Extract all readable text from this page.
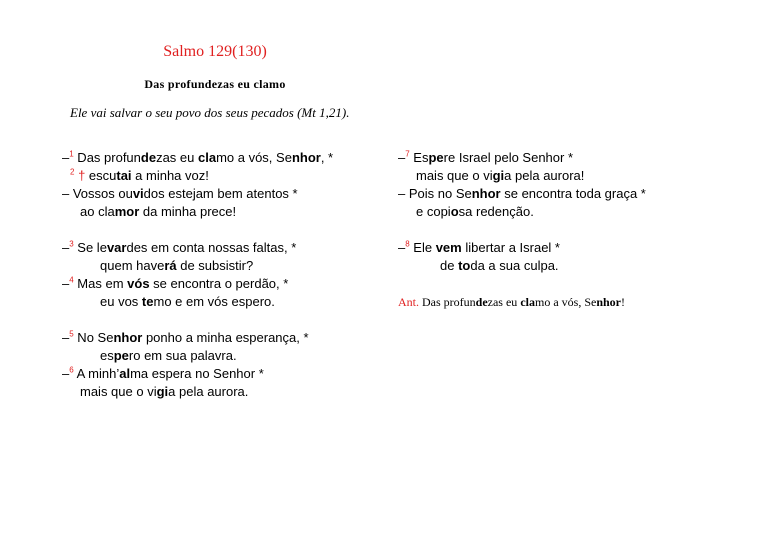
Salmo 129(130)
Das profundezas eu clamo
Ele vai salvar o seu povo dos seus pecados (Mt 1,21).
–$^1$ Das profundezas eu clamo a vós, Senhor, *
$^2$ † escutai a minha voz!
– Vossos ouvidos estejam bem atentos *
ao clamor da minha prece!
–$^3$ Se levardes em conta nossas faltas, *
quem haverá de subsistir?
–$^4$ Mas em vós se encontra o perdão, *
eu vos temo e em vós espero.
–$^5$ No Senhor ponho a minha esperança, *
espero em sua palavra.
–$^6$ A minh’alma espera no Senhor *
mais que o vigia pela aurora.
–$^7$ Espere Israel pelo Senhor *
mais que o vigia pela aurora!
– Pois no Senhor se encontra toda graça *
e copiosa redenção.
–$^8$ Ele vem libertar a Israel *
de toda a sua culpa.
Ant. Das profundezas eu clamo a vós, Senhor!
